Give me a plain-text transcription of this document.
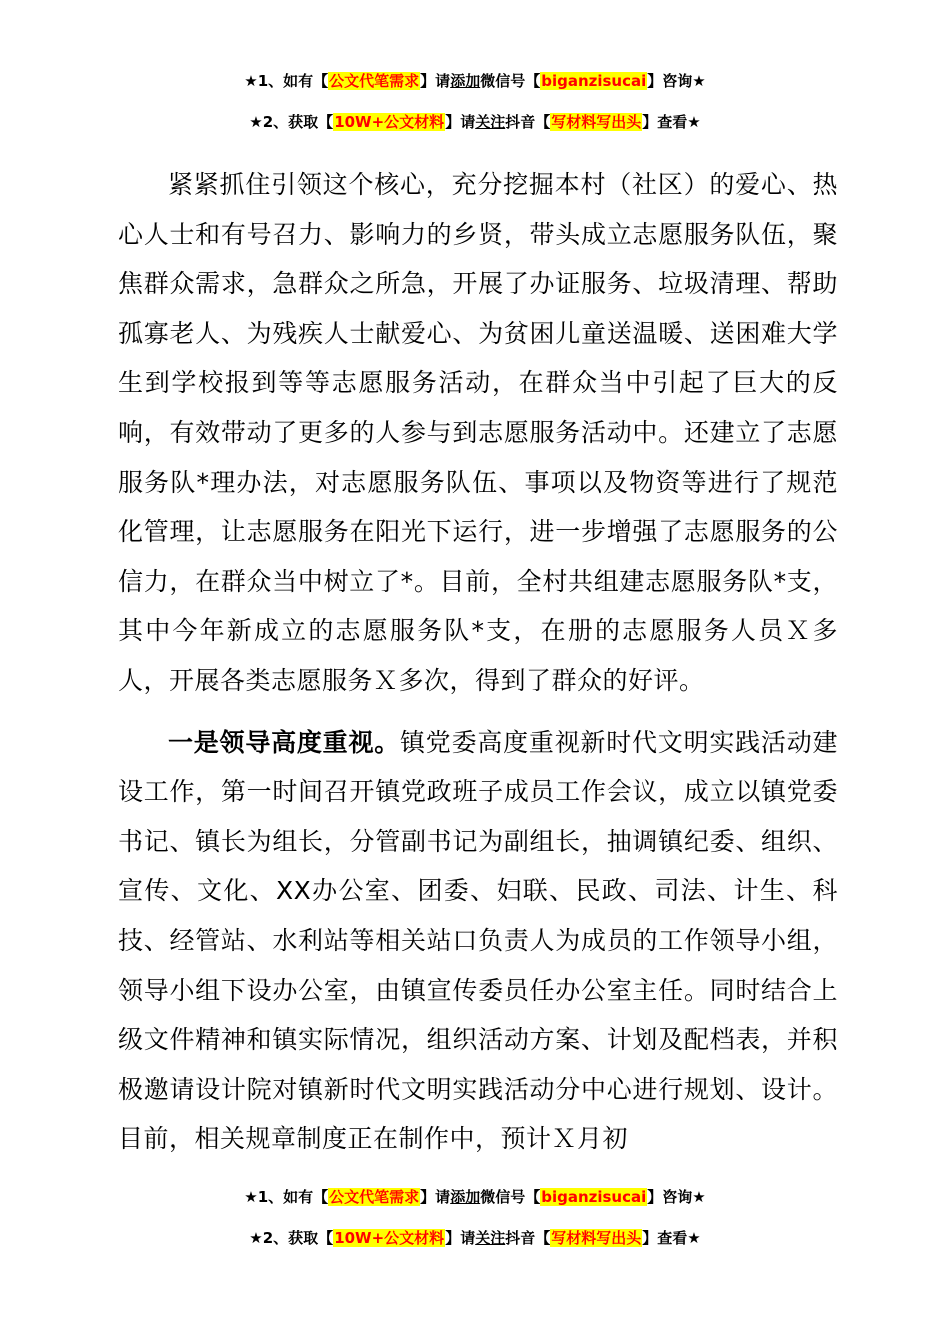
★1、如有【公文代笔需求】请添加微信号【biganzisucai】咨询★
★2、获取【10W+公文材料】请关注抖音【写材料写出头】查看★

紧紧抓住引领这个核心，充分挖掘本村（社区）的爱心、热心人士和有号召力、影响力的乡贤，带头成立志愿服务队伍，聚焦群众需求，急群众之所急，开展了办证服务、垃圾清理、帮助孤寡老人、为残疾人士献爱心、为贫困儿童送温暖、送困难大学生到学校报到等等志愿服务活动，在群众当中引起了巨大的反响，有效带动了更多的人参与到志愿服务活动中。还建立了志愿服务队*理办法，对志愿服务队伍、事项以及物资等进行了规范化管理，让志愿服务在阳光下运行，进一步增强了志愿服务的公信力，在群众当中树立了*。目前，全村共组建志愿服务队*支，其中今年新成立的志愿服务队*支，在册的志愿服务人员Ｘ多人，开展各类志愿服务Ｘ多次，得到了群众的好评。

一是领导高度重视。镇党委高度重视新时代文明实践活动建设工作，第一时间召开镇党政班子成员工作会议，成立以镇党委书记、镇长为组长，分管副书记为副组长，抽调镇纪委、组织、宣传、文化、XX办公室、团委、妇联、民政、司法、计生、科技、经管站、水利站等相关站口负责人为成员的工作领导小组，领导小组下设办公室，由镇宣传委员任办公室主任。同时结合上级文件精神和镇实际情况，组织活动方案、计划及配档表，并积极邀请设计院对镇新时代文明实践活动分中心进行规划、设计。目前，相关规章制度正在制作中，预计Ｘ月初

★1、如有【公文代笔需求】请添加微信号【biganzisucai】咨询★
★2、获取【10W+公文材料】请关注抖音【写材料写出头】查看★
